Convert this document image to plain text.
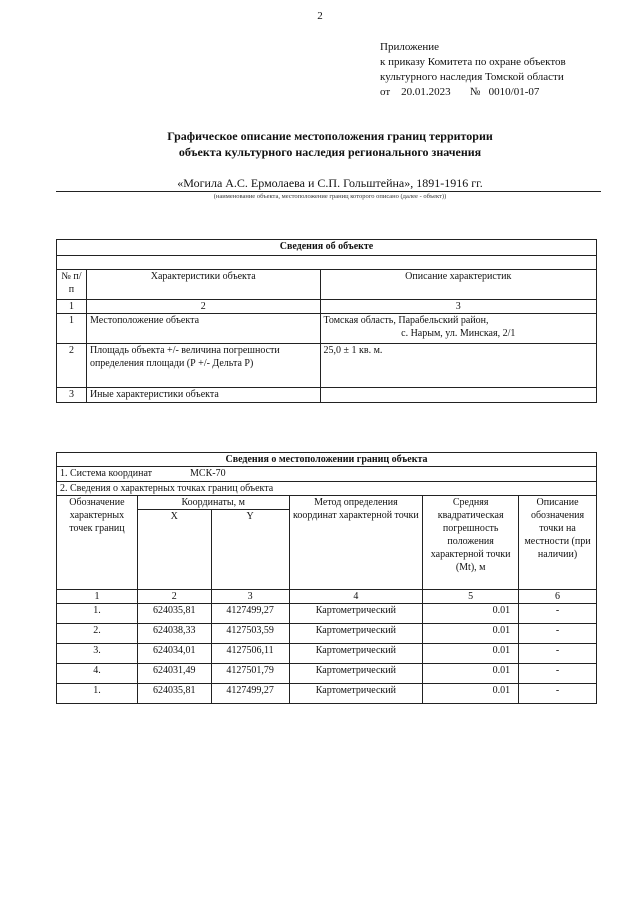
2
Приложение
к приказу Комитета по охране объектов
культурного наследия Томской области
от    20.01.2023       №   0010/01-07
Графическое описание местоположения границ территории
объекта культурного наследия регионального значения
«Могила А.С. Ермолаева и С.П. Гольштейна», 1891-1916 гг.
(наименование объекта, местоположение границ которого описано (далее - объект))
Сведения об объекте		

№ п/п	Характеристики объекта	Описание характеристик
1	2	3
1	Местоположение объекта	Томская область, Парабельский район,
с. Нарым, ул. Минская, 2/1

2	Площадь объекта +/- величина погрешности определения площади (Р +/- Дельта Р)	25,0 ± 1 кв. м.
3	Иные характеристики объекта	
Сведения о местоположении границ объекта					
1. Система координат МСК-70					
2. Сведения о характерных точках границ объекта					
Обозначение характерных точек границ	Координаты, м		Метод определения координат характерной точки	Средняя квадратическая погрешность положения характерной точки (Mt), м	Описание обозначения точки на местности (при наличии)
	X	Y			
1	2	3	4	5	6
1.	624035,81	4127499,27	Картометрический	0.01	-
2.	624038,33	4127503,59	Картометрический	0.01	-
3.	624034,01	4127506,11	Картометрический	0.01	-
4.	624031,49	4127501,79	Картометрический	0.01	-
1.	624035,81	4127499,27	Картометрический	0.01	-
